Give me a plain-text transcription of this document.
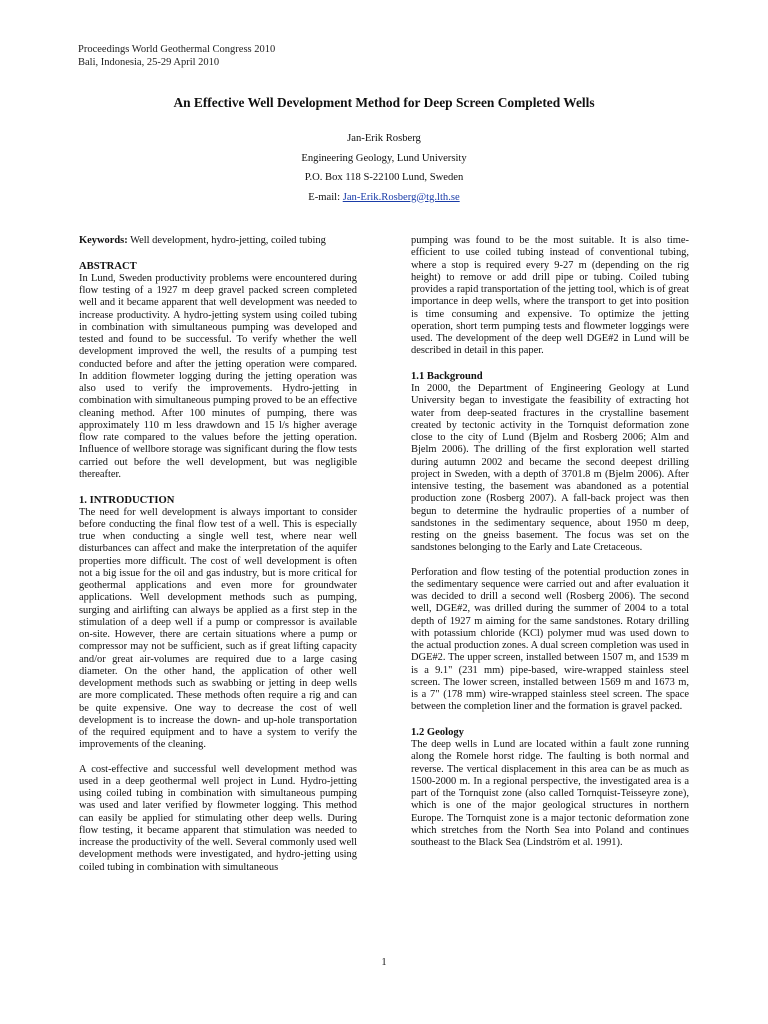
Proceedings World Geothermal Congress 2010
Bali, Indonesia, 25-29 April 2010
An Effective Well Development Method for Deep Screen Completed Wells
Jan-Erik Rosberg
Engineering Geology, Lund University
P.O. Box 118 S-22100 Lund, Sweden
E-mail: Jan-Erik.Rosberg@tg.lth.se

Keywords: Well development, hydro-jetting, coiled tubing

ABSTRACT

In Lund, Sweden productivity problems were encountered during flow testing of a 1927 m deep gravel packed screen completed well and it became apparent that well development was needed to increase productivity. A hydro-jetting system using coiled tubing in combination with simultaneous pumping was developed and tested and found to be successful. To verify whether the well development improved the well, the results of a pumping test conducted before and after the jetting operation were compared. In addition flowmeter logging during the jetting operation was also used to verify the improvements. Hydro-jetting in combination with simultaneous pumping proved to be an effective cleaning method. After 100 minutes of pumping, there was approximately 110 m less drawdown and 15 l/s higher average flow rate compared to the values before the jetting operation. Influence of wellbore storage was significant during the flow tests carried out before the well development, but was negligible thereafter.

1. INTRODUCTION

The need for well development is always important to consider before conducting the final flow test of a well. This is especially true when conducting a single well test, where near well disturbances can affect and make the interpretation of the aquifer properties more difficult. The cost of well development is often not a big issue for the oil and gas industry, but is more critical for geothermal applications and even more for groundwater applications. Well development methods such as pumping, surging and airlifting can always be applied as a first step in the stimulation of a deep well if a pump or compressor is available on-site. However, there are certain situations where a pump or compressor may not be sufficient, such as if great lifting capacity and/or great air-volumes are required due to a large casing diameter. On the other hand, the application of other well development methods such as swabbing or jetting in deep wells are more complicated. These methods often require a rig and can be quite expensive. One way to decrease the cost of well development is to increase the down- and up-hole transportation of the required equipment and to have a system to verify the improvements of the cleaning.

A cost-effective and successful well development method was used in a deep geothermal well project in Lund. Hydro-jetting using coiled tubing in combination with simultaneous pumping was used and later verified by flowmeter logging. This method can easily be applied for stimulating other deep wells. During flow testing, it became apparent that stimulation was needed to increase the productivity of the well. Several commonly used well development methods were investigated, and hydro-jetting using coiled tubing in combination with simultaneous

pumping was found to be the most suitable. It is also time-efficient to use coiled tubing instead of conventional tubing, where a stop is required every 9-27 m (depending on the rig height) to remove or add drill pipe or tubing. Coiled tubing provides a rapid transportation of the jetting tool, which is of great importance in deep wells, where the transport to get into position is time consuming and expensive. To optimize the jetting operation, short term pumping tests and flowmeter loggings were used. The development of the deep well DGE#2 in Lund will be described in detail in this paper.

1.1 Background

In 2000, the Department of Engineering Geology at Lund University began to investigate the feasibility of extracting hot water from deep-seated fractures in the crystalline basement created by tectonic activity in the Tornquist deformation zone close to the city of Lund (Bjelm and Rosberg 2006; Alm and Bjelm 2006). The drilling of the first exploration well started during autumn 2002 and became the second deepest drilling project in Sweden, with a depth of 3701.8 m (Bjelm 2006). After intensive testing, the basement was abandoned as a potential production zone (Rosberg 2007). A fall-back project was then begun to determine the hydraulic properties of a number of sandstones in the sedimentary sequence, about 1950 m deep, resting on the gneiss basement. The focus was set on the sandstones belonging to the Early and Late Cretaceous.

Perforation and flow testing of the potential production zones in the sedimentary sequence were carried out and after evaluation it was decided to drill a second well (Rosberg 2006). The second well, DGE#2, was drilled during the summer of 2004 to a total depth of 1927 m aiming for the same sandstones. Rotary drilling with potassium chloride (KCl) polymer mud was used down to the actual production zones. A dual screen completion was used in DGE#2. The upper screen, installed between 1507 m, and 1539 m is a 9.1" (231 mm) pipe-based, wire-wrapped stainless steel screen. The lower screen, installed between 1569 m and 1673 m, is a 7" (178 mm) wire-wrapped stainless steel screen. The space between the completion liner and the formation is gravel packed.

1.2 Geology

The deep wells in Lund are located within a fault zone running along the Romele horst ridge. The faulting is both normal and reverse. The vertical displacement in this area can be as much as 1500-2000 m. In a regional perspective, the investigated area is a part of the Tornquist zone (also called Tornquist-Teisseyre zone), which is one of the major geological structures in northern Europe. The Tornquist zone is a major tectonic deformation zone which stretches from the North Sea into Poland and continues southeast to the Black Sea (Lindström et al. 1991).

1
